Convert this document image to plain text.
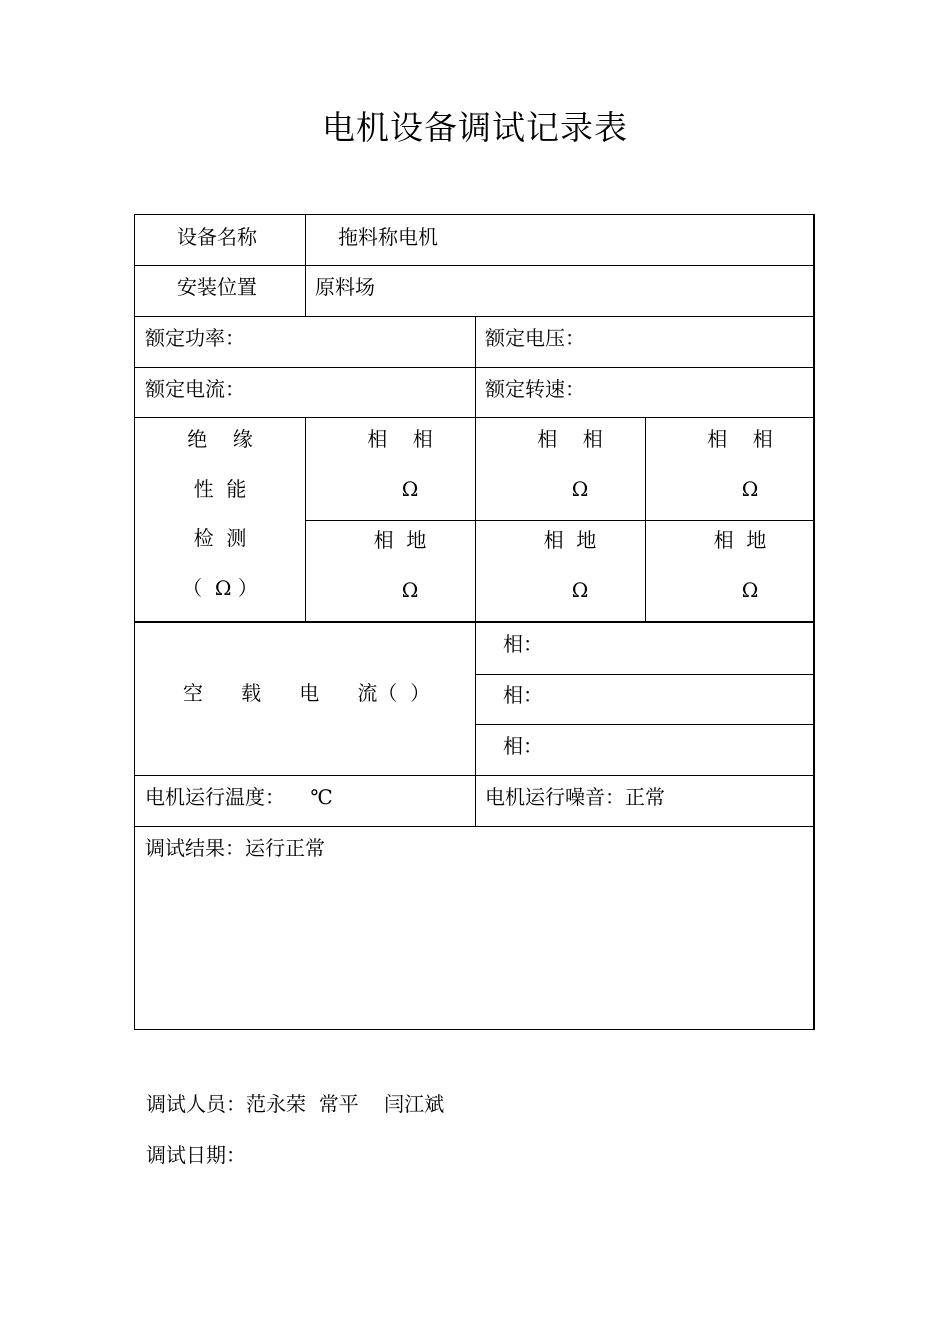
电机设备调试记录表
设备名称	拖料称电机
安装位置	原料场
额定功率：	额定电压：
额定电流：	额定转速：
绝    缘
性  能
检  测
（  Ω ）
相    相	相    相	相    相
Ω	Ω	Ω
相  地	相  地	相  地
Ω	Ω	Ω
空      载      电      流（  ）
相：
相：
相：
电机运行温度：    ℃	电机运行噪音：正常
调试结果：运行正常
调试人员：范永荣  常平    闫江斌
调试日期：
